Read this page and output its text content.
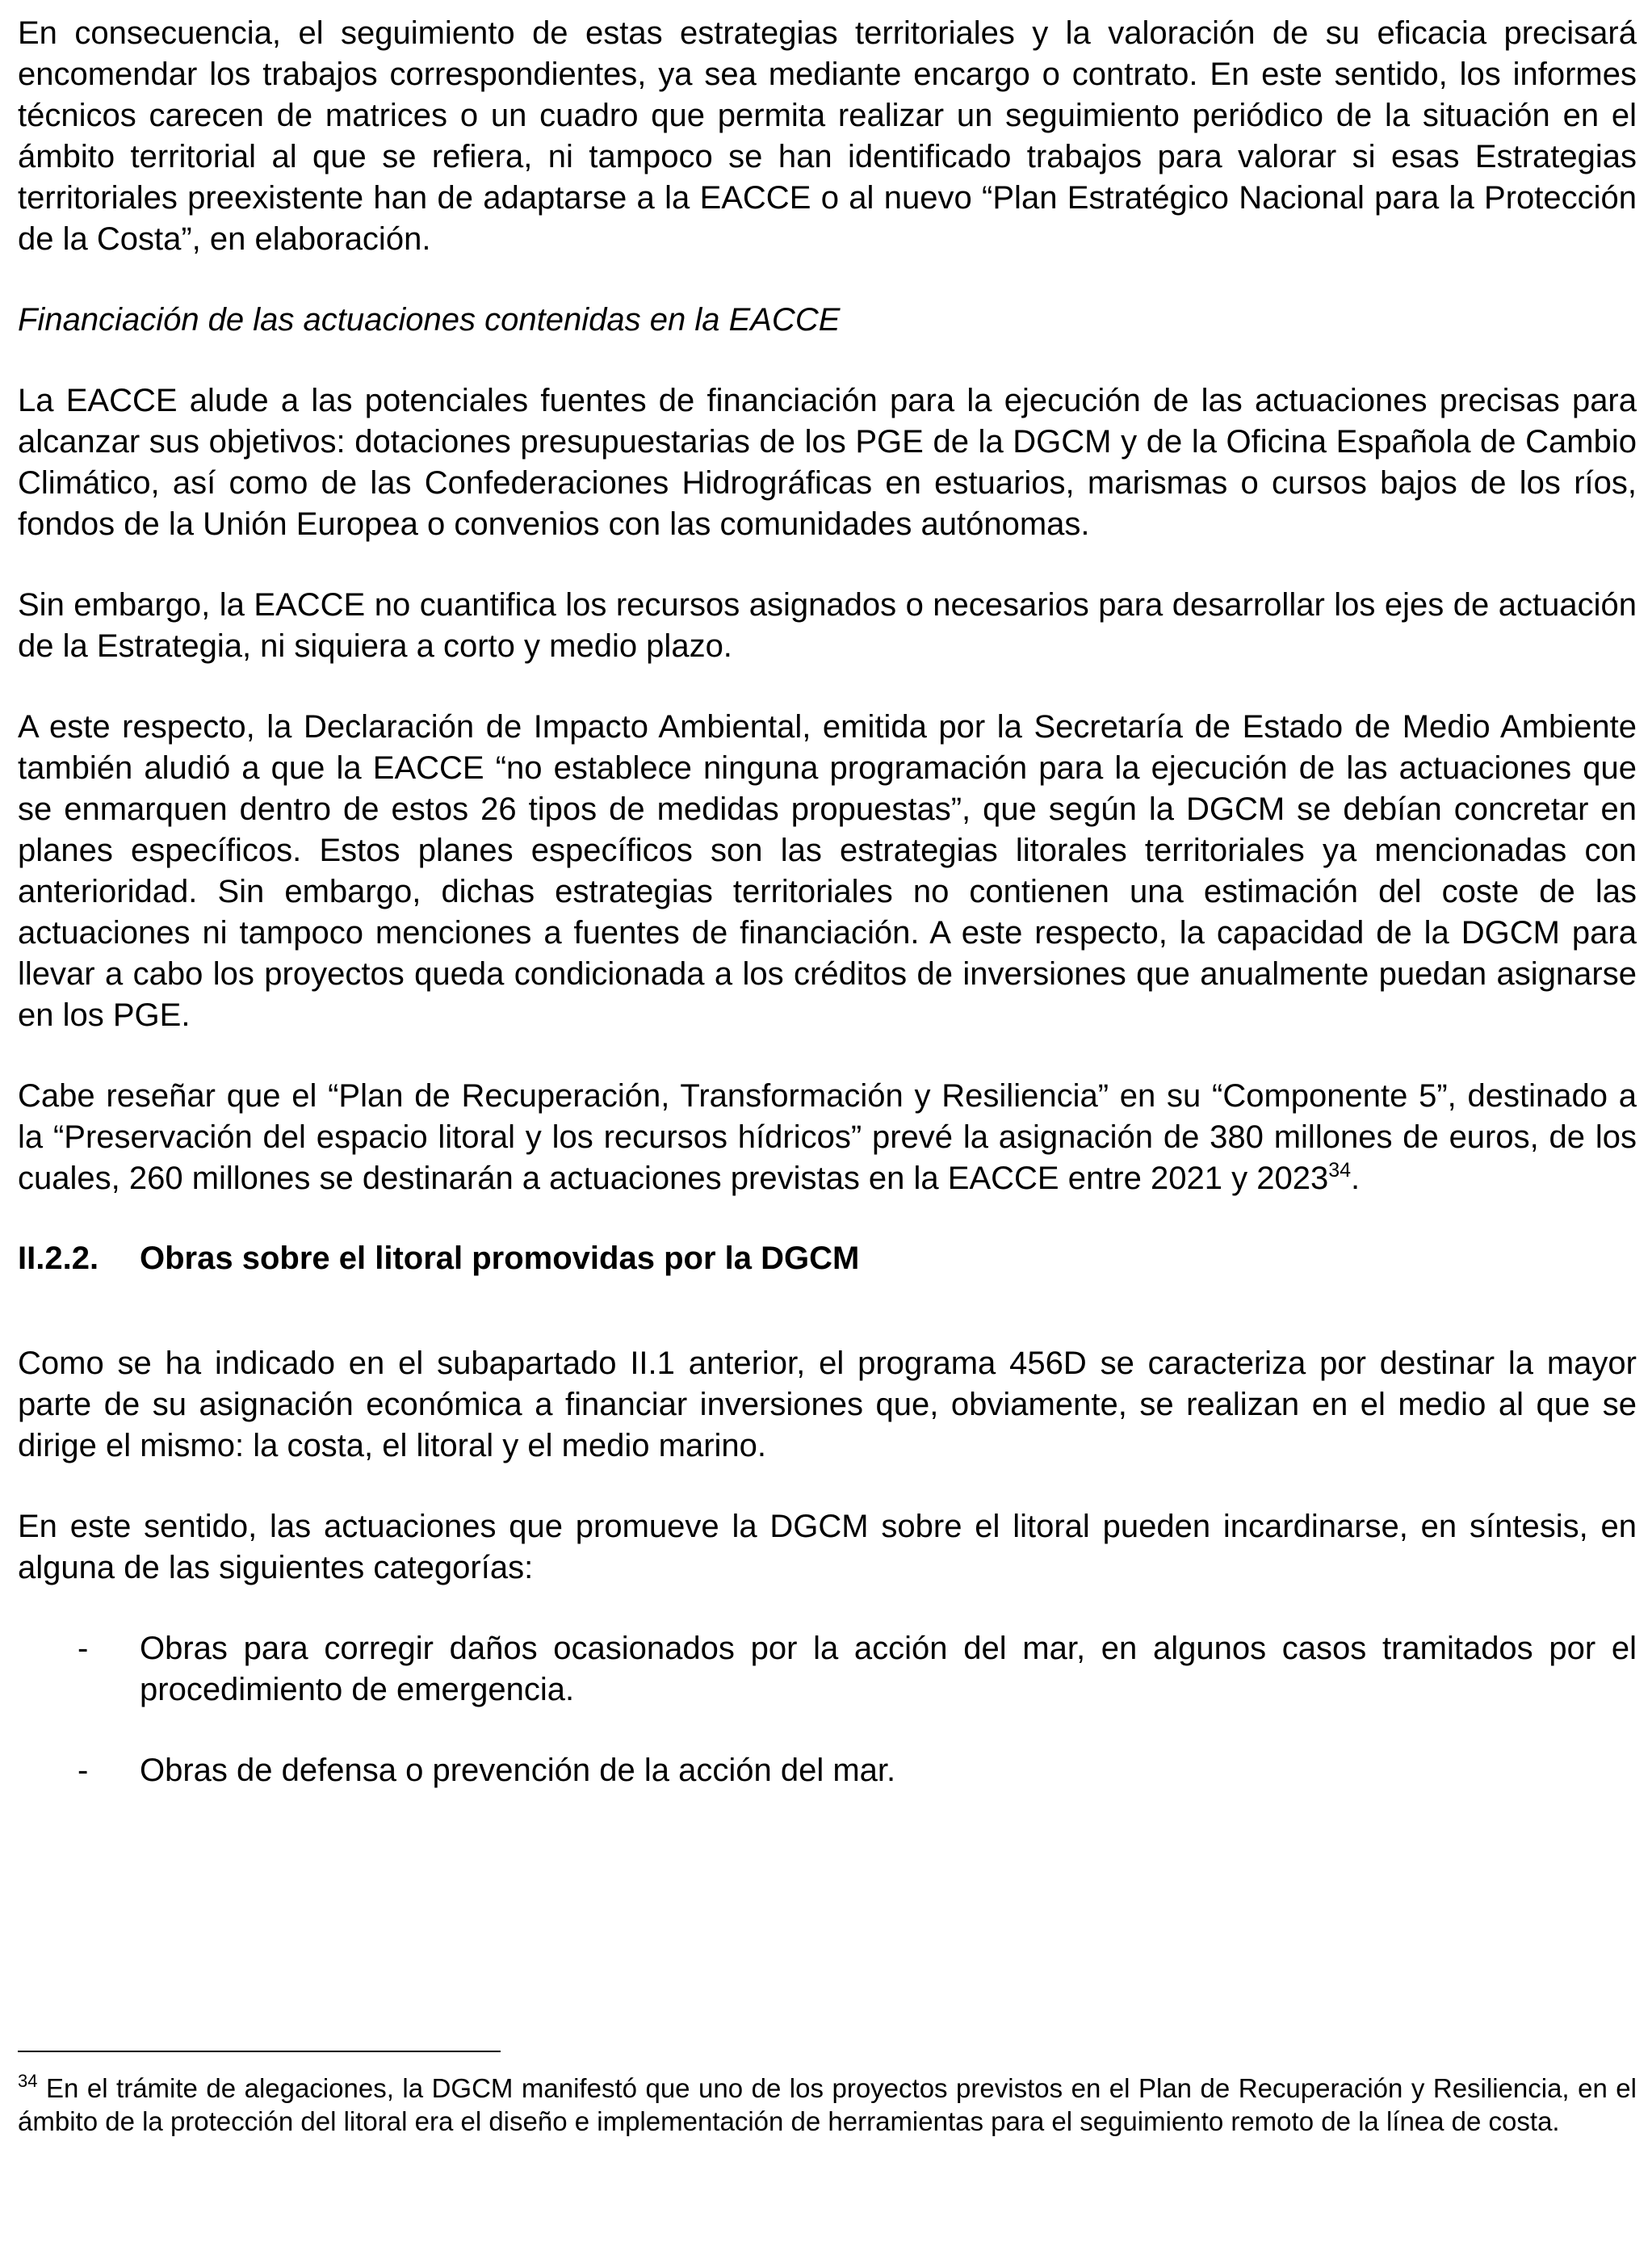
En consecuencia, el seguimiento de estas estrategias territoriales y la valoración de su eficacia precisará encomendar los trabajos correspondientes, ya sea mediante encargo o contrato. En este sentido, los informes técnicos carecen de matrices o un cuadro que permita realizar un seguimiento periódico de la situación en el ámbito territorial al que se refiera, ni tampoco se han identificado trabajos para valorar si esas Estrategias territoriales preexistente han de adaptarse a la EACCE o al nuevo “Plan Estratégico Nacional para la Protección de la Costa”, en elaboración.

Financiación de las actuaciones contenidas en la EACCE

La EACCE alude a las potenciales fuentes de financiación para la ejecución de las actuaciones precisas para alcanzar sus objetivos: dotaciones presupuestarias de los PGE de la DGCM y de la Oficina Española de Cambio Climático, así como de las Confederaciones Hidrográficas en estuarios, marismas o cursos bajos de los ríos, fondos de la Unión Europea o convenios con las comunidades autónomas.

Sin embargo, la EACCE no cuantifica los recursos asignados o necesarios para desarrollar los ejes de actuación de la Estrategia, ni siquiera a corto y medio plazo.

A este respecto, la Declaración de Impacto Ambiental, emitida por la Secretaría de Estado de Medio Ambiente también aludió a que la EACCE “no establece ninguna programación para la ejecución de las actuaciones que se enmarquen dentro de estos 26 tipos de medidas propuestas”, que según la DGCM se debían concretar en planes específicos. Estos planes específicos son las estrategias litorales territoriales ya mencionadas con anterioridad. Sin embargo, dichas estrategias territoriales no contienen una estimación del coste de las actuaciones ni tampoco menciones a fuentes de financiación. A este respecto, la capacidad de la DGCM para llevar a cabo los proyectos queda condicionada a los créditos de inversiones que anualmente puedan asignarse en los PGE.

Cabe reseñar que el “Plan de Recuperación, Transformación y Resiliencia” en su “Componente 5”, destinado a la “Preservación del espacio litoral y los recursos hídricos” prevé la asignación de 380 millones de euros, de los cuales, 260 millones se destinarán a actuaciones previstas en la EACCE entre 2021 y 2023$^{34}$.

II.2.2.	Obras sobre el litoral promovidas por la DGCM

Como se ha indicado en el subapartado II.1 anterior, el programa 456D se caracteriza por destinar la mayor parte de su asignación económica a financiar inversiones que, obviamente, se realizan en el medio al que se dirige el mismo: la costa, el litoral y el medio marino.

En este sentido, las actuaciones que promueve la DGCM sobre el litoral pueden incardinarse, en síntesis, en alguna de las siguientes categorías:

-	Obras para corregir daños ocasionados por la acción del mar, en algunos casos tramitados por el procedimiento de emergencia.
-	Obras de defensa o prevención de la acción del mar.

$^{34}$ En el trámite de alegaciones, la DGCM manifestó que uno de los proyectos previstos en el Plan de Recuperación y Resiliencia, en el ámbito de la protección del litoral era el diseño e implementación de herramientas para el seguimiento remoto de la línea de costa.
